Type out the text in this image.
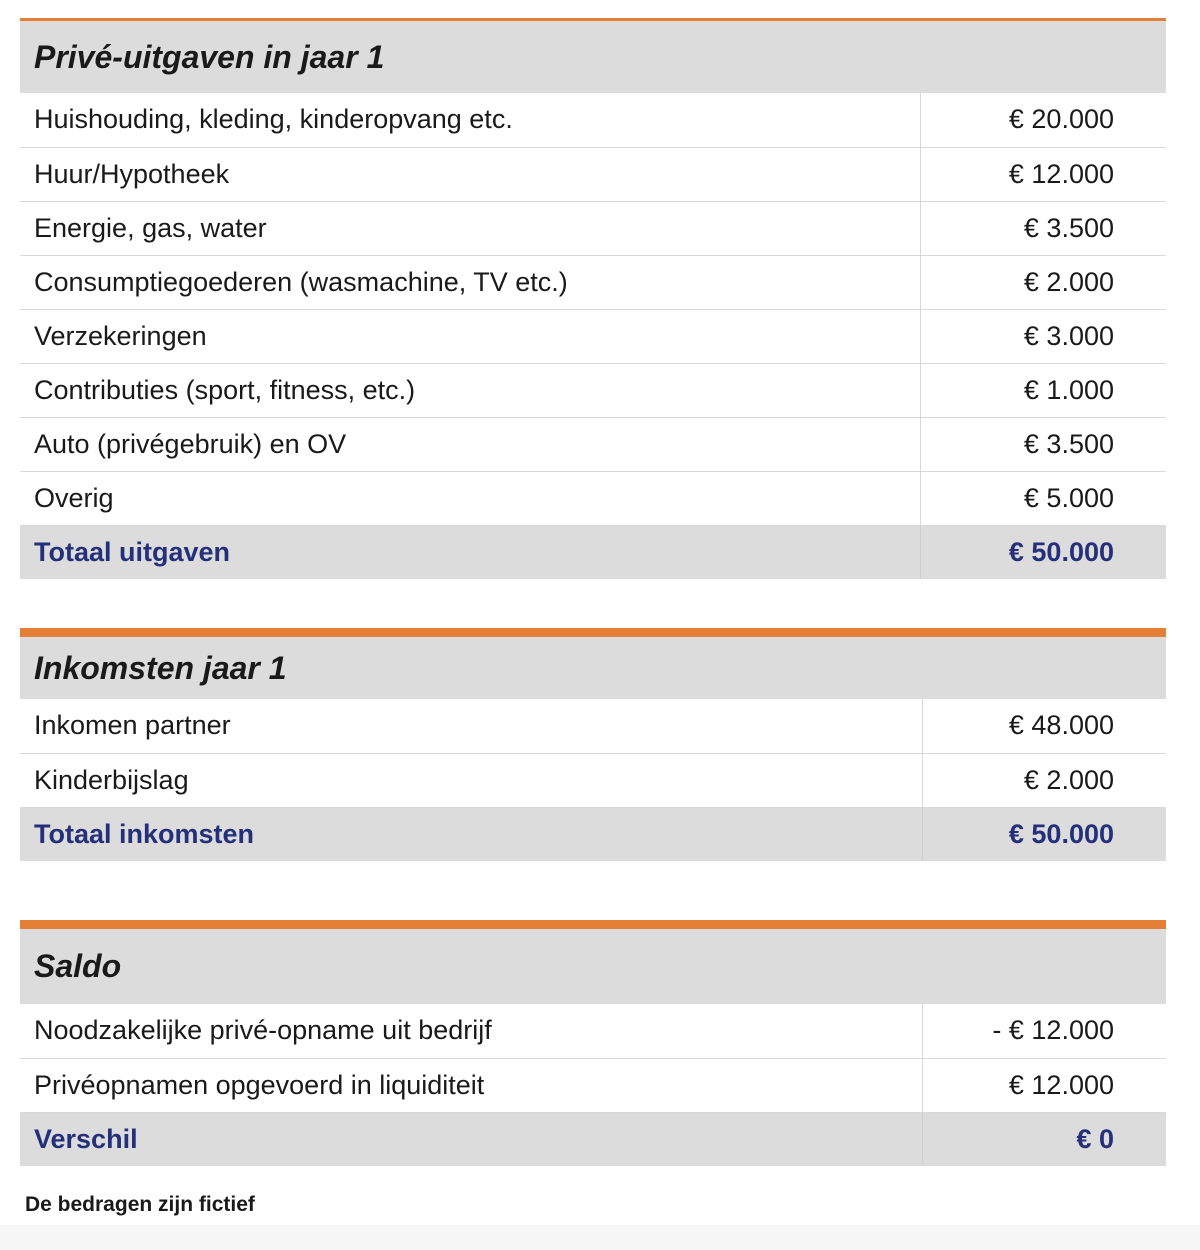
Privé-uitgaven in jaar 1
Huishouding, kleding, kinderopvang etc.	€ 20.000
Huur/Hypotheek	€ 12.000
Energie, gas, water	€ 3.500
Consumptiegoederen (wasmachine, TV etc.)	€ 2.000
Verzekeringen	€ 3.000
Contributies (sport, fitness, etc.)	€ 1.000
Auto (privégebruik) en OV	€ 3.500
Overig	€ 5.000
Totaal uitgaven	€ 50.000
Inkomsten jaar 1
Inkomen partner	€ 48.000
Kinderbijslag	€ 2.000
Totaal inkomsten	€ 50.000
Saldo
Noodzakelijke privé-opname uit bedrijf	- € 12.000
Privéopnamen opgevoerd in liquiditeit	€ 12.000
Verschil	€ 0
De bedragen zijn fictief
